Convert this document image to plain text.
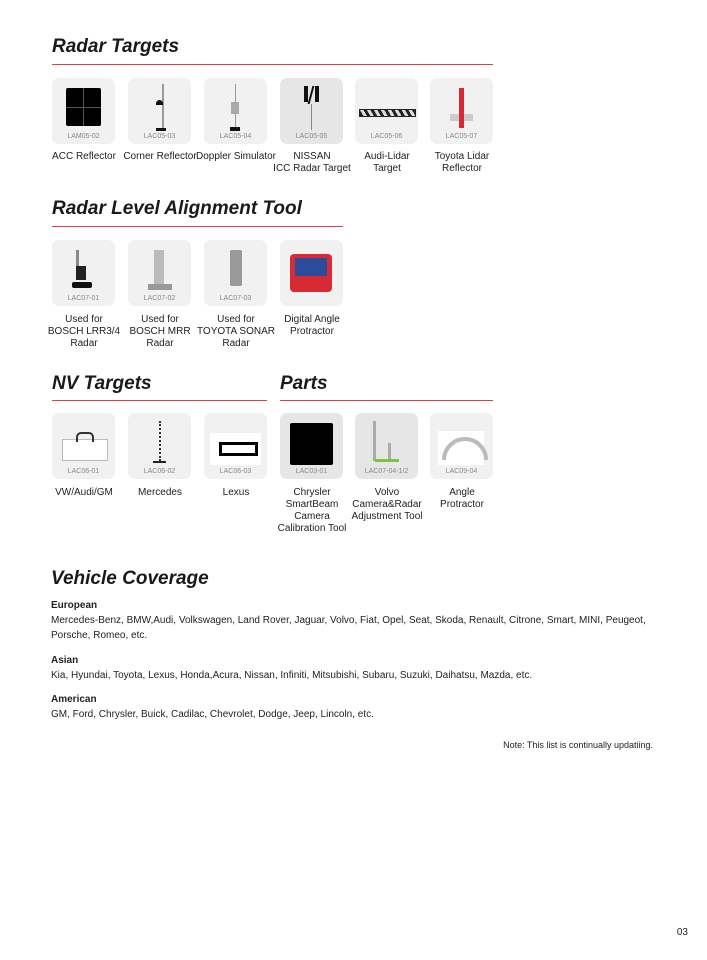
Radar Targets
Radar Level Alignment Tool
NV Targets	Parts
LAM05-02
ACC Reflector
LAC05-03
Corner Reflector
LAC05-04
Doppler Simulator
LAC05-05
NISSAN
ICC Radar Target
LAC05-06
Audi-Lidar
Target
LAC05-07
Toyota Lidar
Reflector
LAC07-01
Used for
BOSCH LRR3/4
Radar
LAC07-02
Used for
BOSCH MRR
Radar
LAC07-03
Used for
TOYOTA SONAR
Radar
Digital Angle
Protractor
LAC06-01
VW/Audi/GM
LAC06-02
Mercedes
LAC06-03
Lexus
LAC03-01
Chrysler SmartBeam
Camera
Calibration Tool
LAC07-04-1/2
Volvo
Camera&Radar
Adjustment Tool
LAC09-04
Angle
Protractor
Vehicle Coverage
European
Mercedes-Benz, BMW,Audi, Volkswagen, Land Rover, Jaguar, Volvo, Fiat, Opel, Seat, Skoda, Renault, Citrone, Smart, MINI, Peugeot, Porsche, Romeo, etc.
Asian
Kia, Hyundai, Toyota, Lexus, Honda,Acura, Nissan, Infiniti, Mitsubishi, Subaru, Suzuki, Daihatsu, Mazda, etc.
American
GM, Ford, Chrysler, Buick, Cadilac, Chevrolet, Dodge, Jeep, Lincoln, etc.
Note: This list is continually updatiing.
03
